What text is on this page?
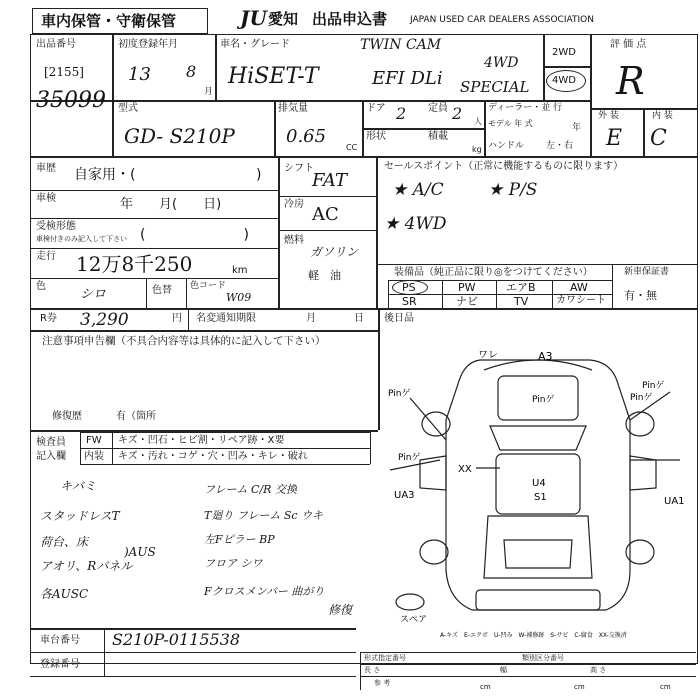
車内保管・守衛保管	JU 愛知 出品申込書	JAPAN USED CAR DEALERS ASSOCIATION
出品番号
[2155]
35099
初度登録年月
13 8
月
車名・グレード
HiSET-T
TWIN CAM
EFI DLi
4WD
SPECIAL
2WD
4WD
評 価 点
R
外 装	内 装
E C
型式
GD- S210P
排気量
0.65
CC
ドア 2 定員 2 人
形状	積載
kg
ディーラー・並 行
モデル 年 式	年
ハンドル 左・右
車歴 自家用・(	)
車検	年　　月(　　日)
受検形態
車検付きのみ記入して下さい (　　　　　　　)
走行 12万8千250	km
色
シロ	色替 色コード
W09
シフト
FAT
冷房 AC
燃料
ガソリン
軽　油
セールスポイント（正常に機能するものに限ります）
★ A/C	★ P/S
★ 4WD
装備品（純正品に限り◎をつけてください）	新車保証書
有・無
PS	PW	エアB	AW
SR	ナビ	TV	カワシート
R券 3,290	円 名変通知期限	月	日 後日品
注意事項申告欄（不具合内容等は具体的に記入して下さい）
修復歴	有（箇所
検査員
記入欄
FW キズ・凹石・ヒビ割・リペア跡・X要
内装 キズ・汚れ・コゲ・穴・凹み・キレ・破れ
キバミ
スタッドレスT
荷台、床
アオリ、Rパネル
各AUSC
)AUS
フレーム C/R 交換
T廻り フレーム Sc ウキ
左Fピラー BP
フロア シワ
Fクロスメンバー 曲がり
修復
ワレ	A3
Pinゲ
Pinゲ
Pinゲ
Pinゲ
XX
U4
S1
UA3
UA1
Pinゲ
スペア
A-キズ　E-エクボ　U-凹み　W-補修跡　S-サビ　C-腐食　XX-交換済
車台番号 S210P-0115538
登録番号
形式指定番号	類別区分番号
長 さ
参 考	cm
幅
cm
高 さ
cm
